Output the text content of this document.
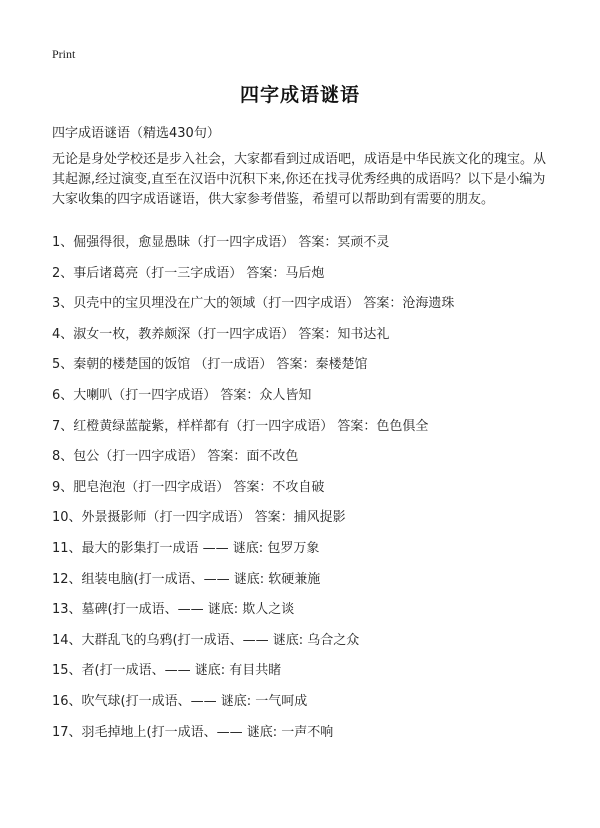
Print
四字成语谜语
四字成语谜语（精选430句）
无论是身处学校还是步入社会，大家都看到过成语吧，成语是中华民族文化的瑰宝。从其起源,经过演变,直至在汉语中沉积下来,你还在找寻优秀经典的成语吗？以下是小编为大家收集的四字成语谜语，供大家参考借鉴，希望可以帮助到有需要的朋友。
1、倔强得很，愈显愚昧（打一四字成语） 答案：冥顽不灵
2、事后诸葛亮（打一三字成语） 答案：马后炮
3、贝壳中的宝贝埋没在广大的领域（打一四字成语） 答案：沧海遗珠
4、淑女一枚，教养颇深（打一四字成语） 答案：知书达礼
5、秦朝的楼楚国的饭馆 （打一成语） 答案：秦楼楚馆
6、大喇叭（打一四字成语） 答案：众人皆知
7、红橙黄绿蓝靛紫，样样都有（打一四字成语） 答案：色色俱全
8、包公（打一四字成语） 答案：面不改色
9、肥皂泡泡（打一四字成语） 答案：不攻自破
10、外景摄影师（打一四字成语） 答案：捕风捉影
11、最大的影集打一成语 —— 谜底: 包罗万象
12、组装电脑(打一成语、—— 谜底: 软硬兼施
13、墓碑(打一成语、—— 谜底: 欺人之谈
14、大群乱飞的乌鸦(打一成语、—— 谜底: 乌合之众
15、者(打一成语、—— 谜底: 有目共睹
16、吹气球(打一成语、—— 谜底: 一气呵成
17、羽毛掉地上(打一成语、—— 谜底: 一声不响
